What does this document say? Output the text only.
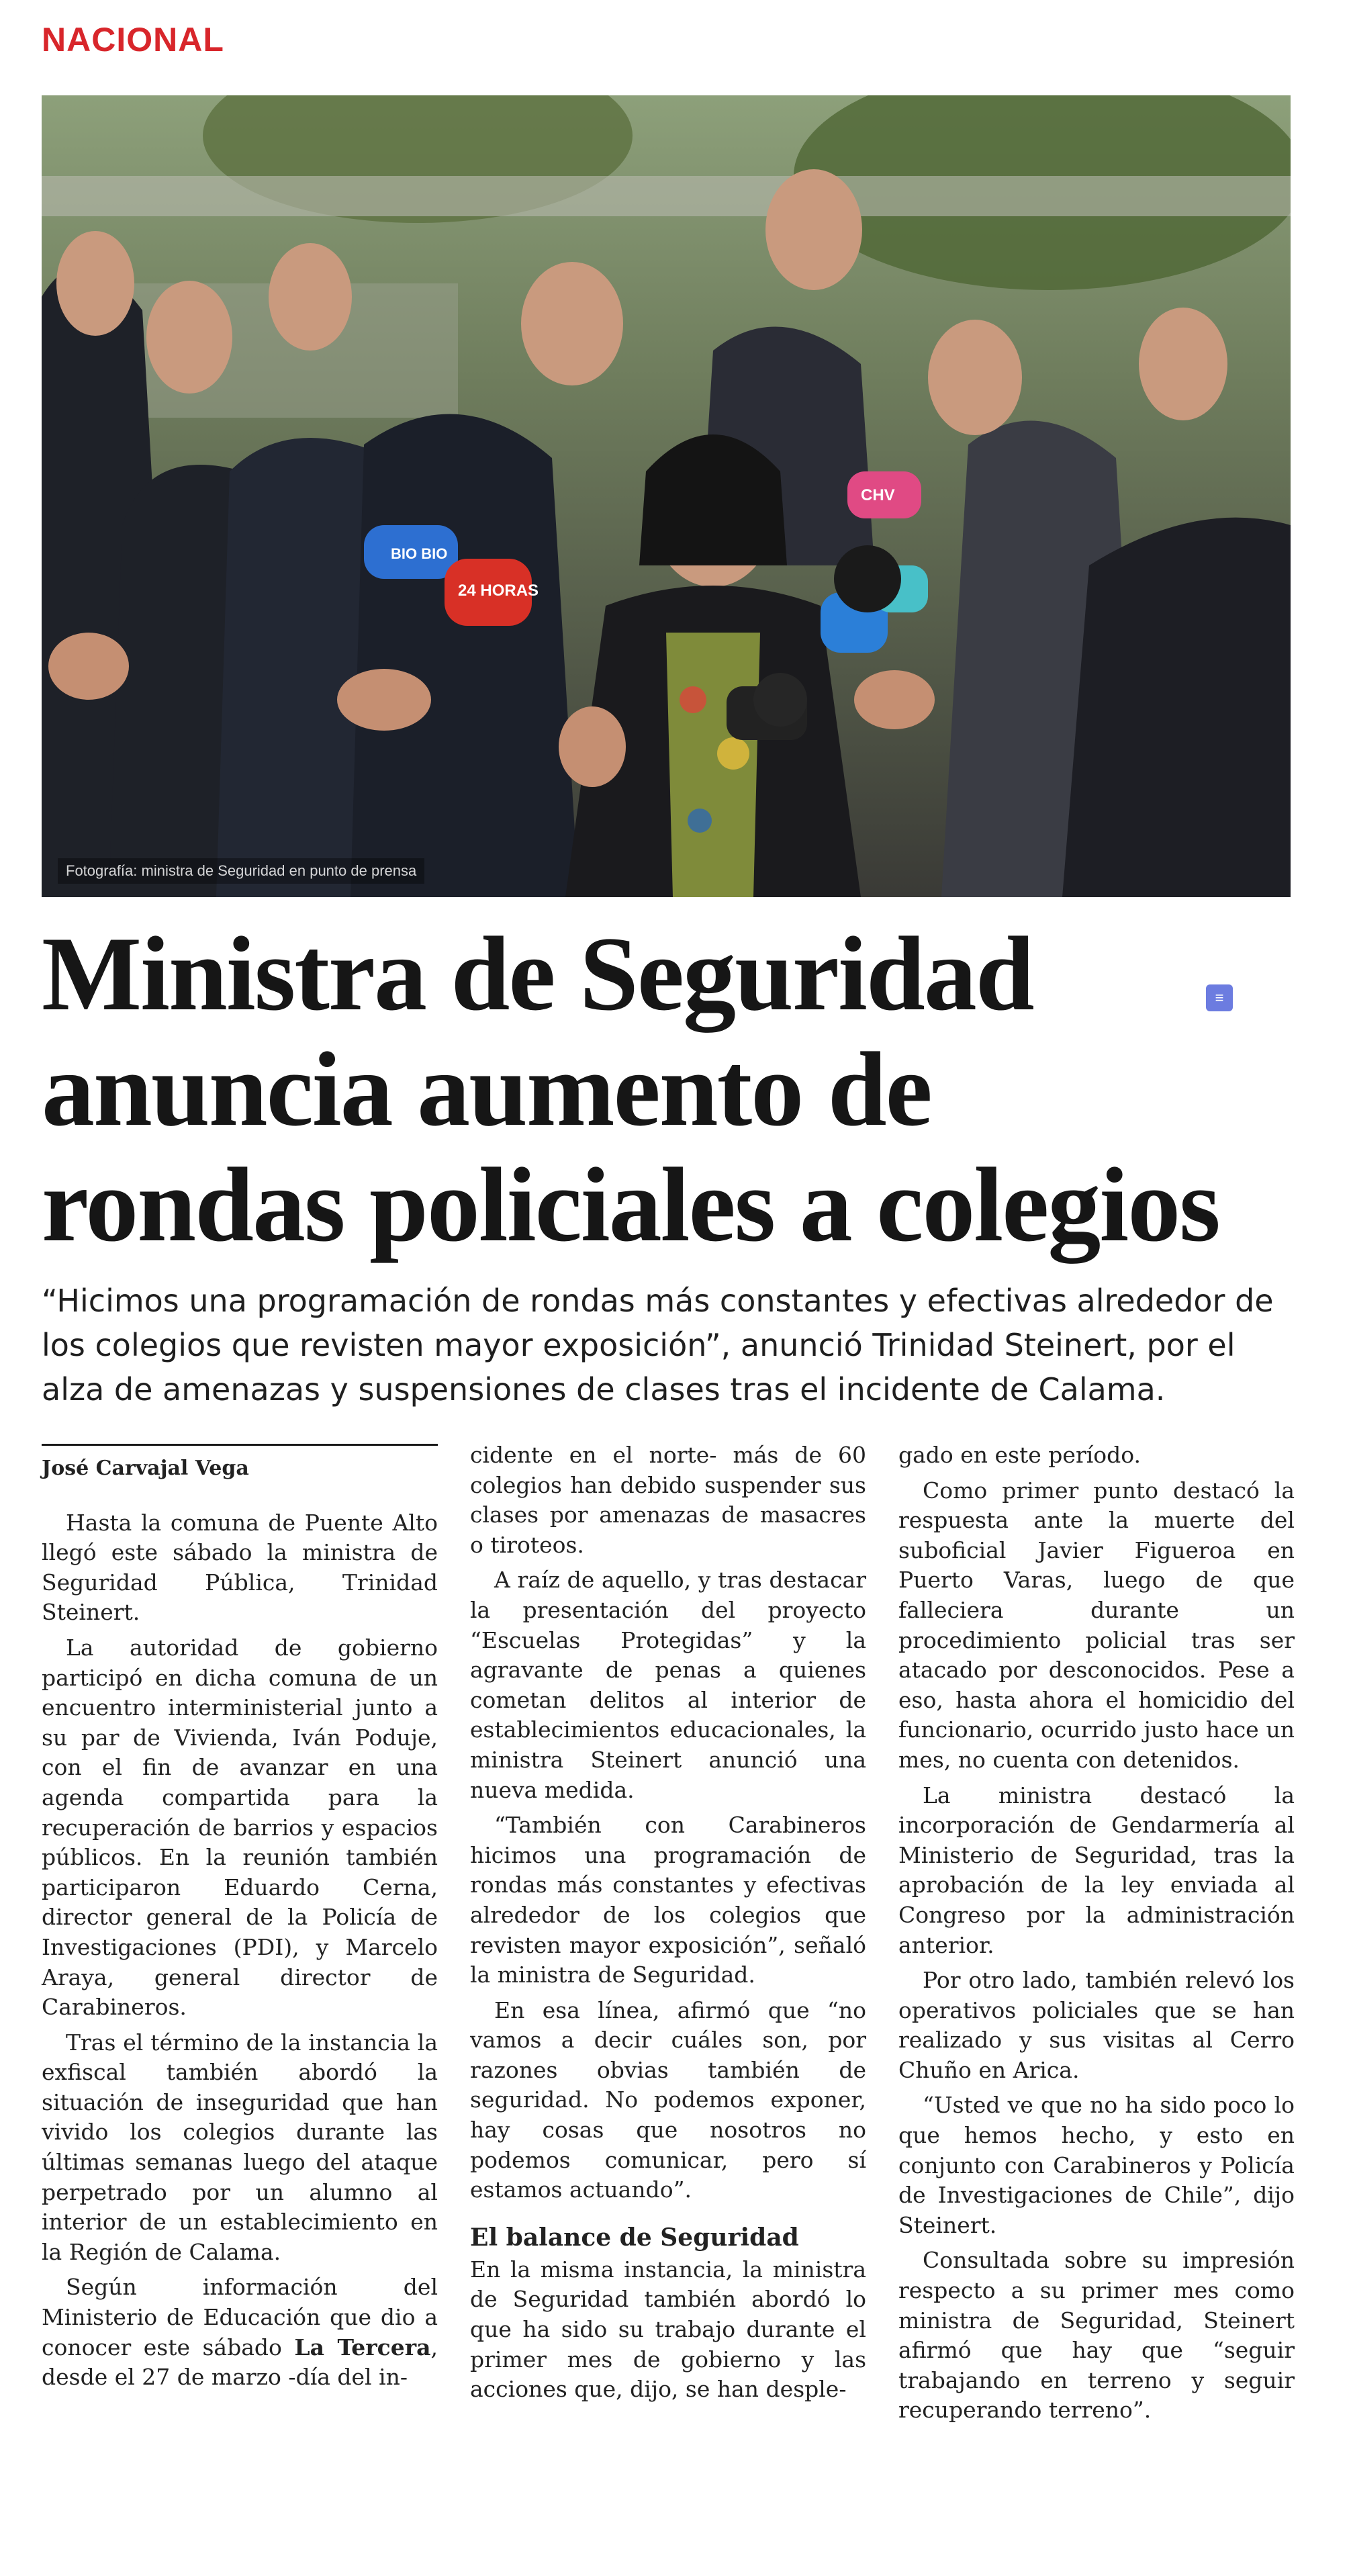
NACIONAL
BIO BIO
24 HORAS
CHV
Fotografía: ministra de Seguridad en punto de prensa
Ministra de Seguridad
anuncia aumento de
rondas policiales a colegios
≡
“Hicimos una programación de rondas más constantes y efectivas alrededor de
los colegios que revisten mayor exposición”, anunció Trinidad Steinert, por el
alza de amenazas y suspensiones de clases tras el incidente de Calama.
José Carvajal Vega

Hasta la comuna de Puente Alto llegó este sábado la ministra de Seguridad Pública, Trinidad Steinert.

La autoridad de gobierno participó en dicha comuna de un encuentro interministerial junto a su par de Vivienda, Iván Poduje, con el fin de avanzar en una agenda compartida para la recuperación de barrios y espacios públicos. En la reunión también participaron Eduardo Cerna, director general de la Policía de Investigaciones (PDI), y Marcelo Araya, general director de Carabineros.

Tras el término de la instancia la exfiscal también abordó la situación de inseguridad que han vivido los colegios durante las últimas semanas luego del ataque perpetrado por un alumno al interior de un establecimiento en la Región de Calama.

Según información del Ministerio de Educación que dio a conocer este sábado La Tercera, desde el 27 de marzo -día del in-

cidente en el norte- más de 60 colegios han debido suspender sus clases por amenazas de masacres o tiroteos.

A raíz de aquello, y tras destacar la presentación del proyecto “Escuelas Protegidas” y la agravante de penas a quienes cometan delitos al interior de establecimientos educacionales, la ministra Steinert anunció una nueva medida.

“También con Carabineros hicimos una programación de rondas más constantes y efectivas alrededor de los colegios que revisten mayor exposición”, señaló la ministra de Seguridad.

En esa línea, afirmó que “no vamos a decir cuáles son, por razones obvias también de seguridad. No podemos exponer, hay cosas que nosotros no podemos comunicar, pero sí estamos actuando”.

El balance de Seguridad

En la misma instancia, la ministra de Seguridad también abordó lo que ha sido su trabajo durante el primer mes de gobierno y las acciones que, dijo, se han desple-

gado en este período.

Como primer punto destacó la respuesta ante la muerte del suboficial Javier Figueroa en Puerto Varas, luego de que falleciera durante un procedimiento policial tras ser atacado por desconocidos. Pese a eso, hasta ahora el homicidio del funcionario, ocurrido justo hace un mes, no cuenta con detenidos.

La ministra destacó la incorporación de Gendarmería al Ministerio de Seguridad, tras la aprobación de la ley enviada al Congreso por la administración anterior.

Por otro lado, también relevó los operativos policiales que se han realizado y sus visitas al Cerro Chuño en Arica.

“Usted ve que no ha sido poco lo que hemos hecho, y esto en conjunto con Carabineros y Policía de Investigaciones de Chile”, dijo Steinert.

Consultada sobre su impresión respecto a su primer mes como ministra de Seguridad, Steinert afirmó que hay que “seguir trabajando en terreno y seguir recuperando terreno”.
